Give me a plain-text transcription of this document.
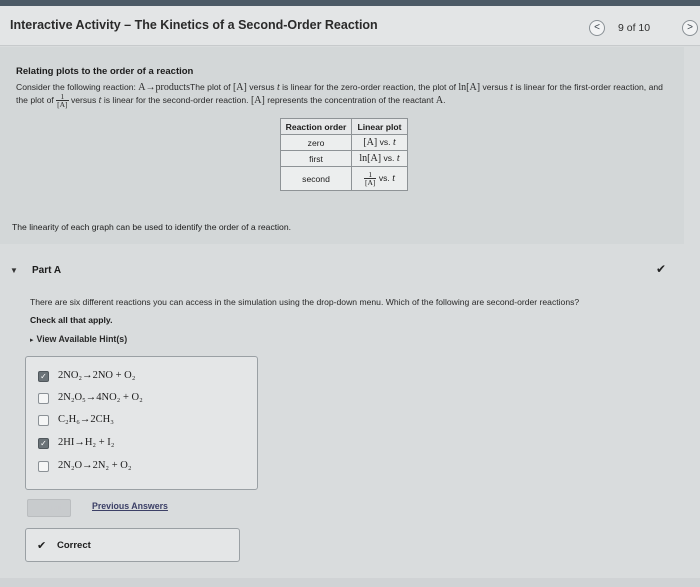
Interactive Activity – The Kinetics of a Second-Order Reaction	<	9 of 10	>
Relating plots to the order of a reaction
Consider the following reaction: A→productsThe plot of [A] versus t is linear for the zero-order reaction, the plot of ln[A] versus t is linear for the first-order reaction, and the plot of $\frac{1}{[A]}$ versus t is linear for the second-order reaction. [A] represents the concentration of the reactant A.
Reaction order	Linear plot
zero	[A] vs. t
first	ln[A] vs. t
second	$\frac{1}{[A]}$ vs. t
The linearity of each graph can be used to identify the order of a reaction.
▼ Part A	✔
There are six different reactions you can access in the simulation using the drop-down menu. Which of the following are second-order reactions?
Check all that apply.
▸ View Available Hint(s)
✓ 2NO₂→2NO + O₂
2N₂O₅→4NO₂ + O₂
C₂H₆→2CH₃
✓ 2HI→H₂ + I₂
2N₂O→2N₂ + O₂
Submit	Previous Answers
✔ Correct
